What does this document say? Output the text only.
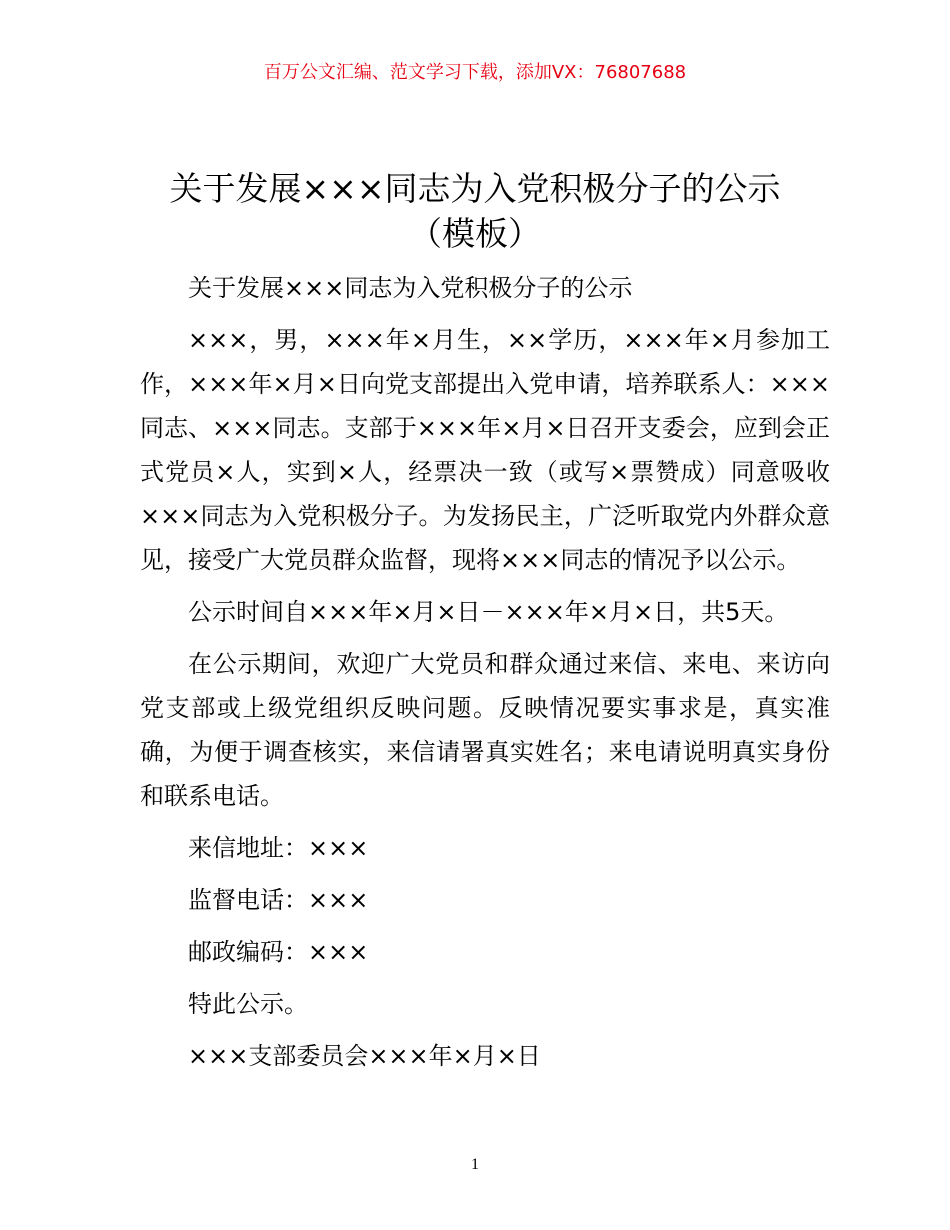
百万公文汇编、范文学习下载，添加VX：76807688
关于发展×××同志为入党积极分子的公示
（模板）

关于发展×××同志为入党积极分子的公示

×××，男，×××年×月生，××学历，×××年×月参加工作，×××年×月×日向党支部提出入党申请，培养联系人：×××同志、×××同志。支部于×××年×月×日召开支委会，应到会正式党员×人，实到×人，经票决一致（或写×票赞成）同意吸收×××同志为入党积极分子。为发扬民主，广泛听取党内外群众意见，接受广大党员群众监督，现将×××同志的情况予以公示。

公示时间自×××年×月×日－×××年×月×日，共5天。

在公示期间，欢迎广大党员和群众通过来信、来电、来访向党支部或上级党组织反映问题。反映情况要实事求是，真实准确，为便于调查核实，来信请署真实姓名；来电请说明真实身份和联系电话。

来信地址：×××

监督电话：×××

邮政编码：×××

特此公示。

×××支部委员会×××年×月×日

1
